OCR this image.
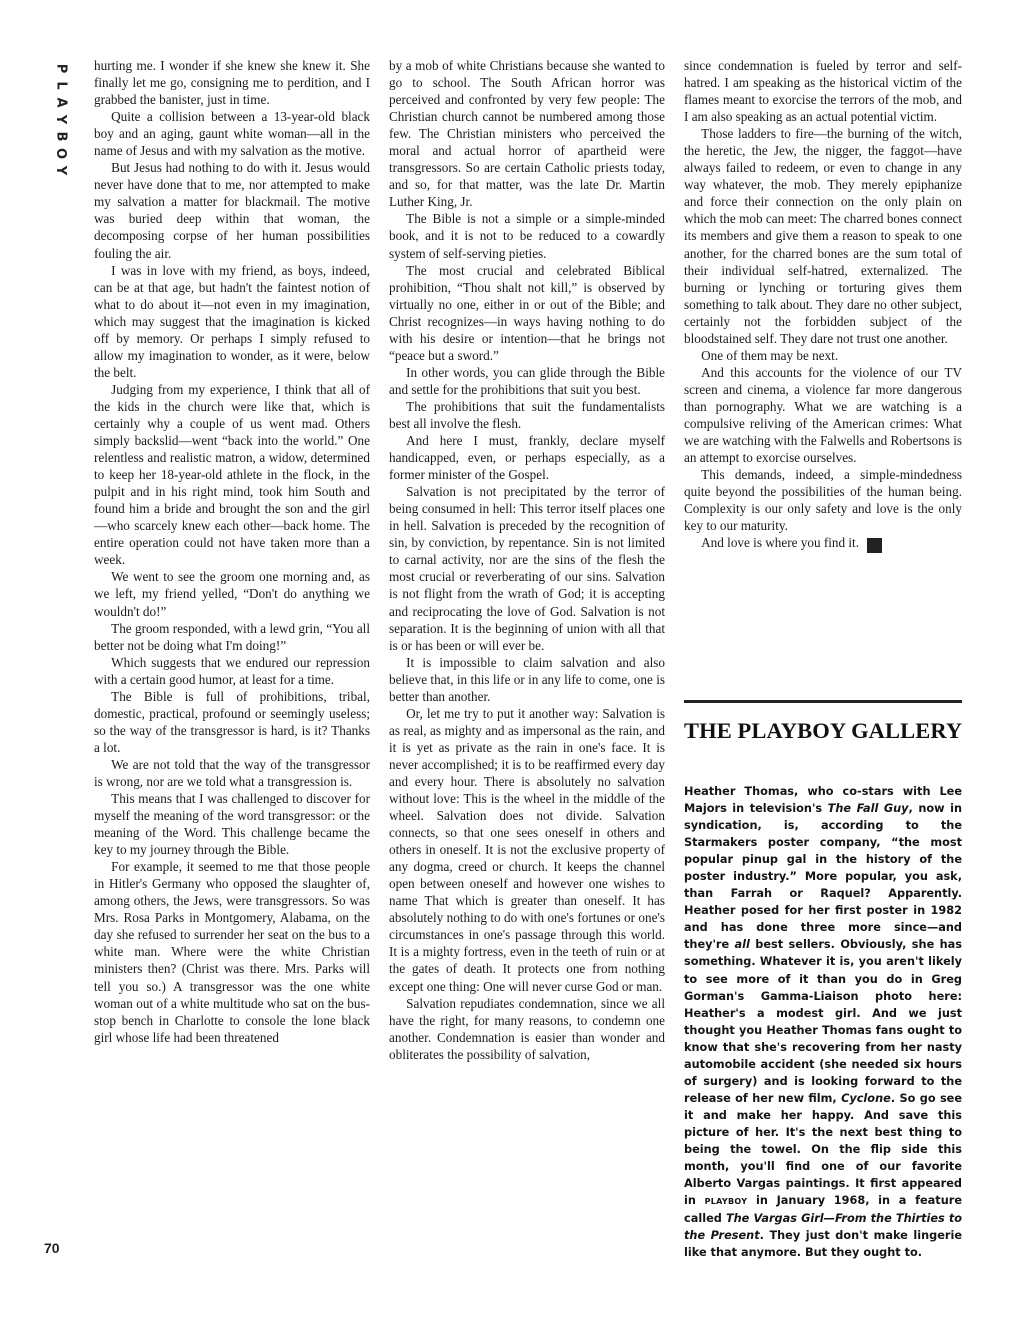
P
L
A
Y
B
O
Y

hurting me. I wonder if she knew she knew it. She finally let me go, consigning me to perdition, and I grabbed the banister, just in time.

Quite a collision between a 13-year-old black boy and an aging, gaunt white woman—all in the name of Jesus and with my salvation as the motive.

But Jesus had nothing to do with it. Jesus would never have done that to me, nor attempted to make my salvation a matter for blackmail. The motive was buried deep within that woman, the decomposing corpse of her human possibilities fouling the air.

I was in love with my friend, as boys, indeed, can be at that age, but hadn't the faintest notion of what to do about it—not even in my imagination, which may suggest that the imagination is kicked off by memory. Or perhaps I simply refused to allow my imagination to wonder, as it were, below the belt.

Judging from my experience, I think that all of the kids in the church were like that, which is certainly why a couple of us went mad. Others simply backslid—went “back into the world.” One relentless and realistic matron, a widow, determined to keep her 18-year-old athlete in the flock, in the pulpit and in his right mind, took him South and found him a bride and brought the son and the girl—who scarcely knew each other—back home. The entire operation could not have taken more than a week.

We went to see the groom one morning and, as we left, my friend yelled, “Don't do anything we wouldn't do!”

The groom responded, with a lewd grin, “You all better not be doing what I'm doing!”

Which suggests that we endured our repression with a certain good humor, at least for a time.

The Bible is full of prohibitions, tribal, domestic, practical, profound or seemingly useless; so the way of the transgressor is hard, is it? Thanks a lot.

We are not told that the way of the transgressor is wrong, nor are we told what a transgression is.

This means that I was challenged to discover for myself the meaning of the word transgressor: or the meaning of the Word. This challenge became the key to my journey through the Bible.

For example, it seemed to me that those people in Hitler's Germany who opposed the slaughter of, among others, the Jews, were transgressors. So was Mrs. Rosa Parks in Montgomery, Alabama, on the day she refused to surrender her seat on the bus to a white man. Where were the white Christian ministers then? (Christ was there. Mrs. Parks will tell you so.) A transgressor was the one white woman out of a white multitude who sat on the bus-stop bench in Charlotte to console the lone black girl whose life had been threatened

by a mob of white Christians because she wanted to go to school. The South African horror was perceived and confronted by very few people: The Christian church cannot be numbered among those few. The Christian ministers who perceived the moral and actual horror of apartheid were transgressors. So are certain Catholic priests today, and so, for that matter, was the late Dr. Martin Luther King, Jr.

The Bible is not a simple or a simple-minded book, and it is not to be reduced to a cowardly system of self-serving pieties.

The most crucial and celebrated Biblical prohibition, “Thou shalt not kill,” is observed by virtually no one, either in or out of the Bible; and Christ recognizes—in ways having nothing to do with his desire or intention—that he brings not “peace but a sword.”

In other words, you can glide through the Bible and settle for the prohibitions that suit you best.

The prohibitions that suit the fundamentalists best all involve the flesh.

And here I must, frankly, declare myself handicapped, even, or perhaps especially, as a former minister of the Gospel.

Salvation is not precipitated by the terror of being consumed in hell: This terror itself places one in hell. Salvation is preceded by the recognition of sin, by conviction, by repentance. Sin is not limited to carnal activity, nor are the sins of the flesh the most crucial or reverberating of our sins. Salvation is not flight from the wrath of God; it is accepting and reciprocating the love of God. Salvation is not separation. It is the beginning of union with all that is or has been or will ever be.

It is impossible to claim salvation and also believe that, in this life or in any life to come, one is better than another.

Or, let me try to put it another way: Salvation is as real, as mighty and as impersonal as the rain, and it is yet as private as the rain in one's face. It is never accomplished; it is to be reaffirmed every day and every hour. There is absolutely no salvation without love: This is the wheel in the middle of the wheel. Salvation does not divide. Salvation connects, so that one sees oneself in others and others in oneself. It is not the exclusive property of any dogma, creed or church. It keeps the channel open between oneself and however one wishes to name That which is greater than oneself. It has absolutely nothing to do with one's fortunes or one's circumstances in one's passage through this world. It is a mighty fortress, even in the teeth of ruin or at the gates of death. It protects one from nothing except one thing: One will never curse God or man.

Salvation repudiates condemnation, since we all have the right, for many reasons, to condemn one another. Condemnation is easier than wonder and obliterates the possibility of salvation,

since condemnation is fueled by terror and self-hatred. I am speaking as the historical victim of the flames meant to exorcise the terrors of the mob, and I am also speaking as an actual potential victim.

Those ladders to fire—the burning of the witch, the heretic, the Jew, the nigger, the faggot—have always failed to redeem, or even to change in any way whatever, the mob. They merely epiphanize and force their connection on the only plain on which the mob can meet: The charred bones connect its members and give them a reason to speak to one another, for the charred bones are the sum total of their individual self-hatred, externalized. The burning or lynching or torturing gives them something to talk about. They dare no other subject, certainly not the forbidden subject of the bloodstained self. They dare not trust one another.

One of them may be next.

And this accounts for the violence of our TV screen and cinema, a violence far more dangerous than pornography. What we are watching is a compulsive reliving of the American crimes: What we are watching with the Falwells and Robertsons is an attempt to exorcise ourselves.

This demands, indeed, a simple-mindedness quite beyond the possibilities of the human being. Complexity is our only safety and love is the only key to our maturity.

And love is where you find it. Y

THE PLAYBOY GALLERY
Heather Thomas, who co-stars with Lee Majors in television's The Fall Guy, now in syndication, is, according to the Starmakers poster company, “the most popular pinup gal in the history of the poster industry.” More popular, you ask, than Farrah or Raquel? Apparently. Heather posed for her first poster in 1982 and has done three more since—and they're all best sellers. Obviously, she has something. Whatever it is, you aren't likely to see more of it than you do in Greg Gorman's Gamma-Liaison photo here: Heather's a modest girl. And we just thought you Heather Thomas fans ought to know that she's recovering from her nasty automobile accident (she needed six hours of surgery) and is looking forward to the release of her new film, Cyclone. So go see it and make her happy. And save this picture of her. It's the next best thing to being the towel. On the flip side this month, you'll find one of our favorite Alberto Vargas paintings. It first appeared in PLAYBOY in January 1968, in a feature called The Vargas Girl—From the Thirties to the Present. They just don't make lingerie like that anymore. But they ought to.
70
